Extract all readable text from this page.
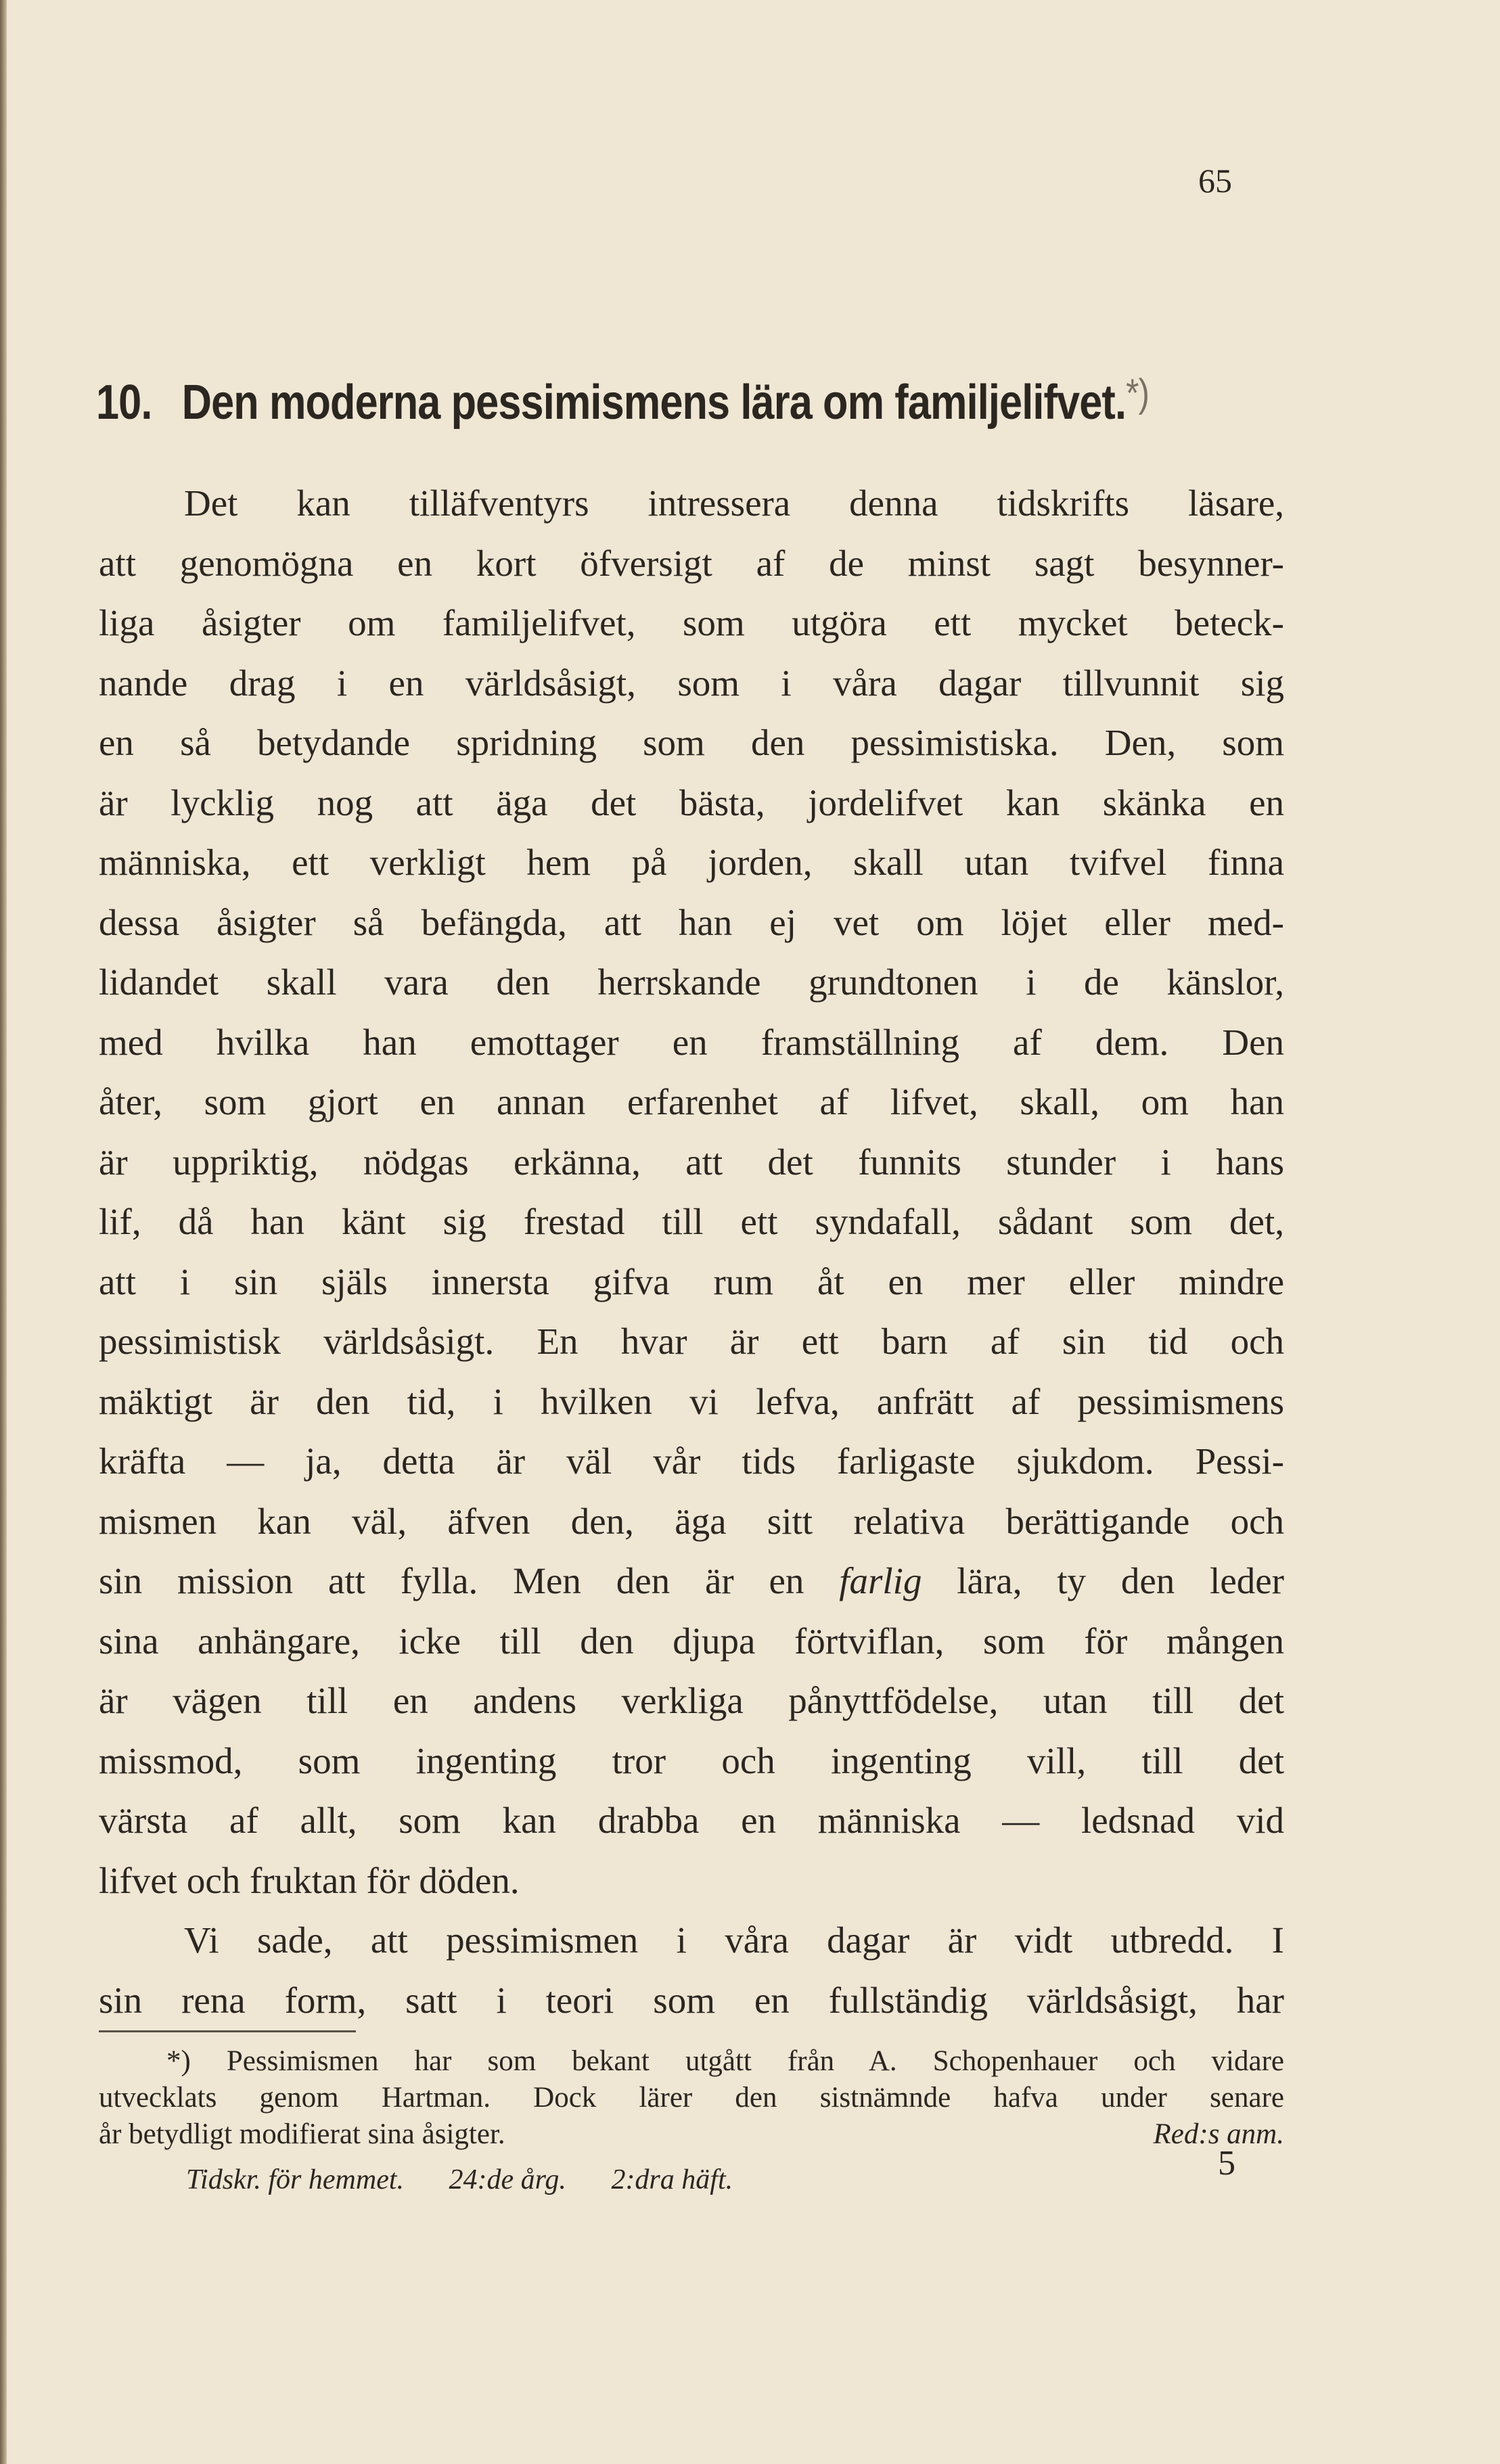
65
10. Den moderna pessimismens lära om familjelifvet.*)
Det kan tilläfventyrs intressera denna tidskrifts läsare,
att genomögna en kort öfversigt af de minst sagt besynner-
liga åsigter om familjelifvet, som utgöra ett mycket beteck-
nande drag i en världsåsigt, som i våra dagar tillvunnit sig
en så betydande spridning som den pessimistiska. Den, som
är lycklig nog att äga det bästa, jordelifvet kan skänka en
människa, ett verkligt hem på jorden, skall utan tvifvel finna
dessa åsigter så befängda, att han ej vet om löjet eller med-
lidandet skall vara den herrskande grundtonen i de känslor,
med hvilka han emottager en framställning af dem. Den
åter, som gjort en annan erfarenhet af lifvet, skall, om han
är uppriktig, nödgas erkänna, att det funnits stunder i hans
lif, då han känt sig frestad till ett syndafall, sådant som det,
att i sin själs innersta gifva rum åt en mer eller mindre
pessimistisk världsåsigt. En hvar är ett barn af sin tid och
mäktigt är den tid, i hvilken vi lefva, anfrätt af pessimismens
kräfta — ja, detta är väl vår tids farligaste sjukdom. Pessi-
mismen kan väl, äfven den, äga sitt relativa berättigande och
sin mission att fylla. Men den är en farlig lära, ty den leder
sina anhängare, icke till den djupa förtviflan, som för mången
är vägen till en andens verkliga pånyttfödelse, utan till det
missmod, som ingenting tror och ingenting vill, till det
värsta af allt, som kan drabba en människa — ledsnad vid
lifvet och fruktan för döden.
Vi sade, att pessimismen i våra dagar är vidt utbredd. I
sin rena form, satt i teori som en fullständig världsåsigt, har
*) Pessimismen har som bekant utgått från A. Schopenhauer och vidare
utvecklats genom Hartman. Dock lärer den sistnämnde hafva under senare
år betydligt modifierat sina åsigter.	Red:s anm.
Tidskr. för hemmet. 24:de årg. 2:dra häft.	5
